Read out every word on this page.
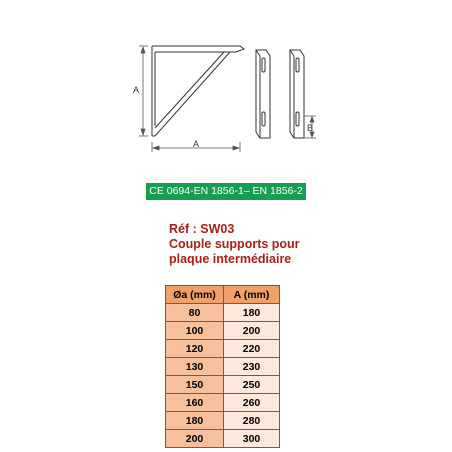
A
A
B
CE 0694-EN 1856-1– EN 1856-2
Réf : SW03
Couple supports pour
plaque intermédiaire
Øa (mm)	A (mm)
80	180
100	200
120	220
130	230
150	250
160	260
180	280
200	300
